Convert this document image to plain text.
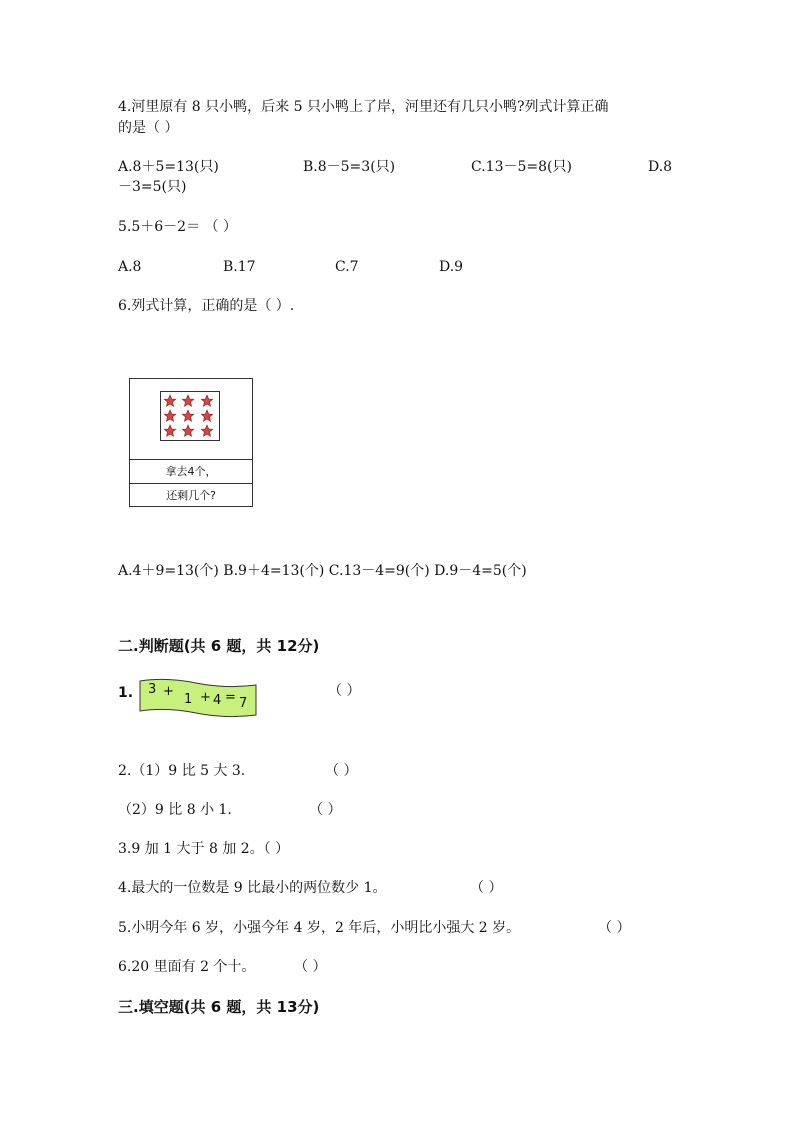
4.河里原有 8 只小鸭，后来 5 只小鸭上了岸，河里还有几只小鸭?列式计算正确
的是（ ）
A.8＋5=13(只)	B.8－5=3(只)	C.13－5=8(只)	D.8
－3=5(只)
5.5＋6－2＝ （ ）
A.8	B.17	C.7	D.9
6.列式计算，正确的是（ ）.
拿去4个，
还剩几个?
A.4＋9=13(个) B.9＋4=13(个) C.13－4=9(个) D.9－4=5(个)
二.判断题(共 6 题，共 12分)
1. 3 +
1 + 4 = 7
（ ）
2.（1）9 比 5 大 3.	（ ）
（2）9 比 8 小 1.	（ ）
3.9 加 1 大于 8 加 2。（ ）
4.最大的一位数是 9 比最小的两位数少 1。	（ ）
5.小明今年 6 岁，小强今年 4 岁，2 年后，小明比小强大 2 岁。	（ ）
6.20 里面有 2 个十。	（ ）
三.填空题(共 6 题，共 13分)
